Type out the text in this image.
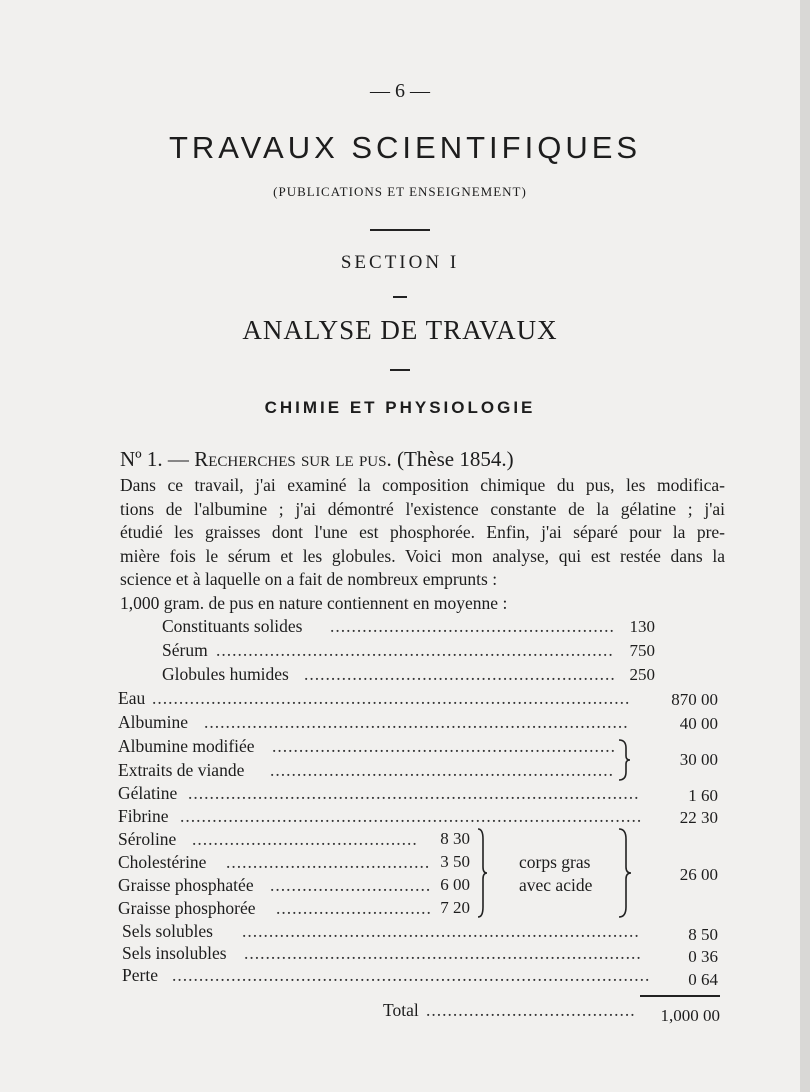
— 6 —
TRAVAUX SCIENTIFIQUES
(PUBLICATIONS ET ENSEIGNEMENT)
SECTION I
ANALYSE DE TRAVAUX
CHIMIE ET PHYSIOLOGIE
Nº 1. — Recherches sur le pus. (Thèse 1854.)
Dans ce travail, j'ai examiné la composition chimique du pus, les modifica-
tions de l'albumine ; j'ai démontré l'existence constante de la gélatine ; j'ai
étudié les graisses dont l'une est phosphorée. Enfin, j'ai séparé pour la pre-
mière fois le sérum et les globules. Voici mon analyse, qui est restée dans la
science et à laquelle on a fait de nombreux emprunts :
1,000 gram. de pus en nature contiennent en moyenne :
Constituants solides ..................................................... 130
Sérum .......................................................................... 750
Globules humides .......................................................... 250
Eau .........................................................................................	870 00
Albumine ...............................................................................	40 00
Albumine modifiée ................................................................
Extraits de viande ................................................................
30 00
Gélatine ....................................................................................	1 60
Fibrine ......................................................................................	22 30
Séroline ..........................................	8 30
Cholestérine ...................................... 3 50
Graisse phosphatée .............................. 6 00
Graisse phosphorée ............................. 7 20
corps gras
avec acide
26 00
Sels solubles ..........................................................................	8 50
Sels insolubles ..........................................................................	0 36
Perte .........................................................................................	0 64
Total .......................................	1,000 00
